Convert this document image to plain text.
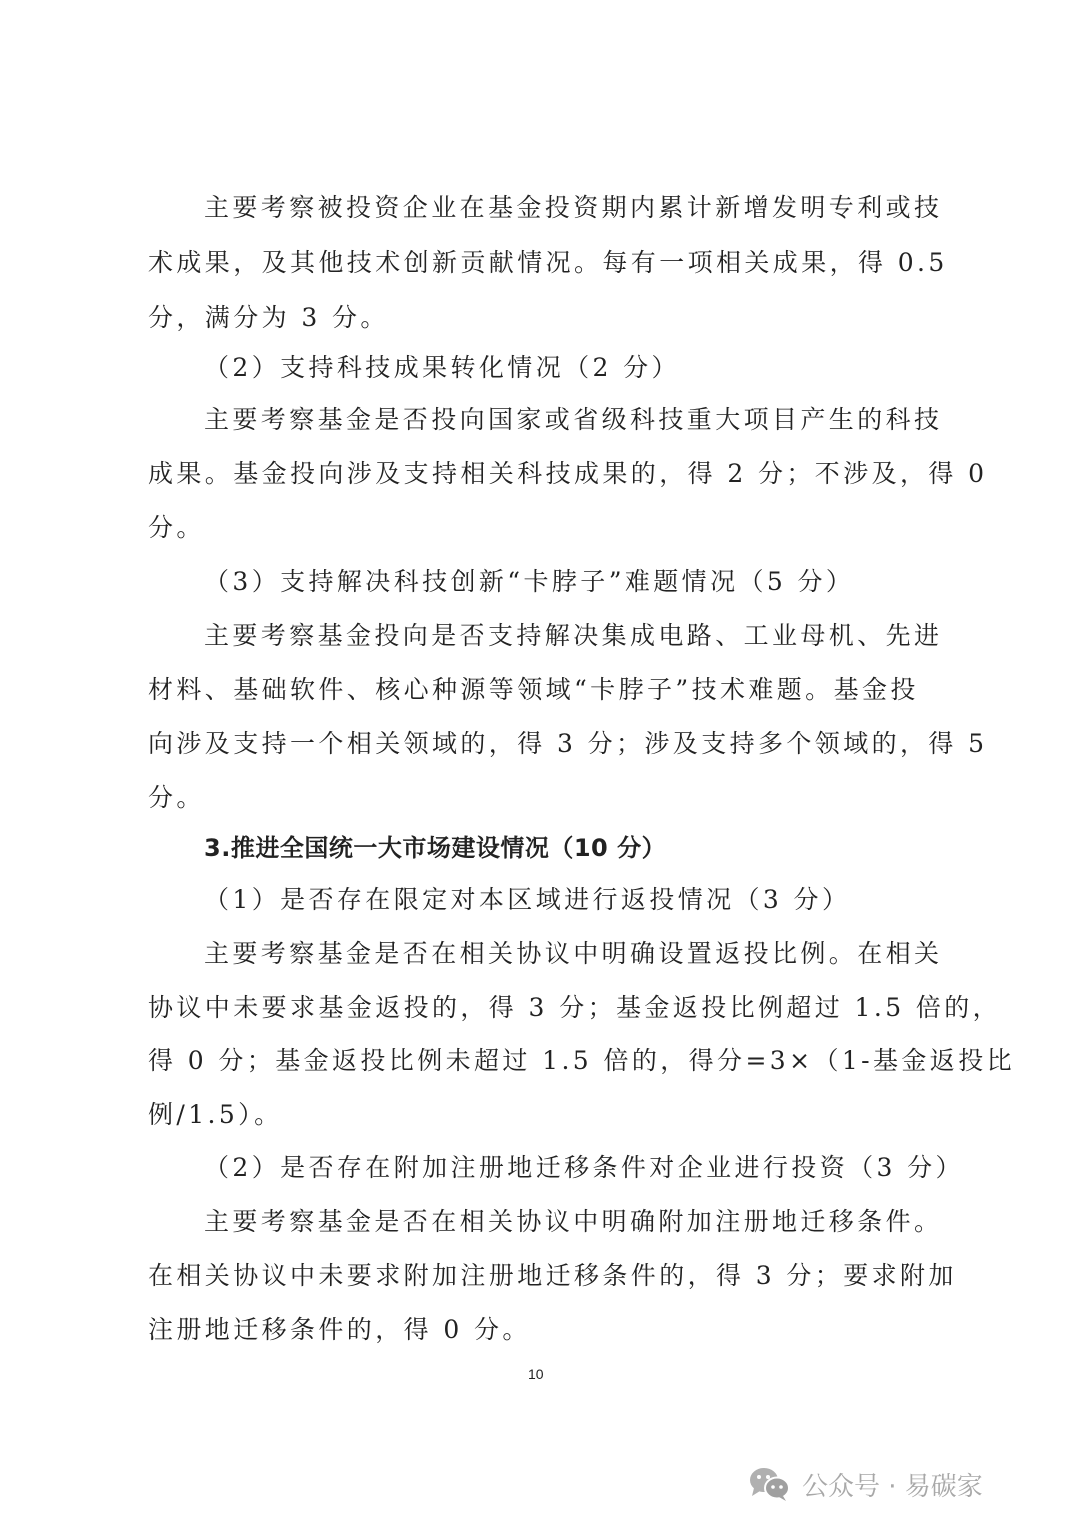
主要考察被投资企业在基金投资期内累计新增发明专利或技
术成果，及其他技术创新贡献情况。每有一项相关成果，得 0.5
分，满分为 3 分。
（2）支持科技成果转化情况（2 分）
主要考察基金是否投向国家或省级科技重大项目产生的科技
成果。基金投向涉及支持相关科技成果的，得 2 分；不涉及，得 0
分。
（3）支持解决科技创新“卡脖子”难题情况（5 分）
主要考察基金投向是否支持解决集成电路、工业母机、先进
材料、基础软件、核心种源等领域“卡脖子”技术难题。基金投
向涉及支持一个相关领域的，得 3 分；涉及支持多个领域的，得 5
分。
3.推进全国统一大市场建设情况（10 分）
（1）是否存在限定对本区域进行返投情况（3 分）
主要考察基金是否在相关协议中明确设置返投比例。在相关
协议中未要求基金返投的，得 3 分；基金返投比例超过 1.5 倍的，
得 0 分；基金返投比例未超过 1.5 倍的，得分=3×（1-基金返投比
例/1.5）。
（2）是否存在附加注册地迁移条件对企业进行投资（3 分）
主要考察基金是否在相关协议中明确附加注册地迁移条件。
在相关协议中未要求附加注册地迁移条件的，得 3 分；要求附加
注册地迁移条件的，得 0 分。
10
公众号 · 易碳家
